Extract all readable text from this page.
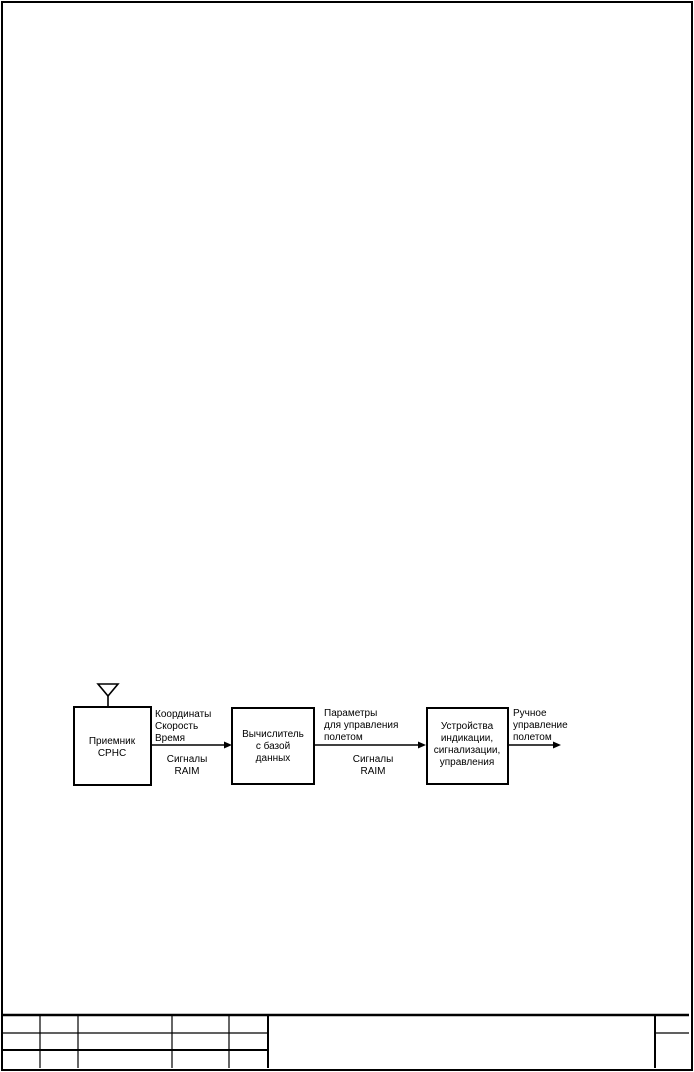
Приемник
СРНС
Координаты
Скорость
Время
Сигналы
RAIM
Вычислитель
с базой
данных
Параметры
для управления
полетом
Сигналы
RAIM
Устройства
индикации,
сигнализации,
управления
Ручное
управление
полетом
